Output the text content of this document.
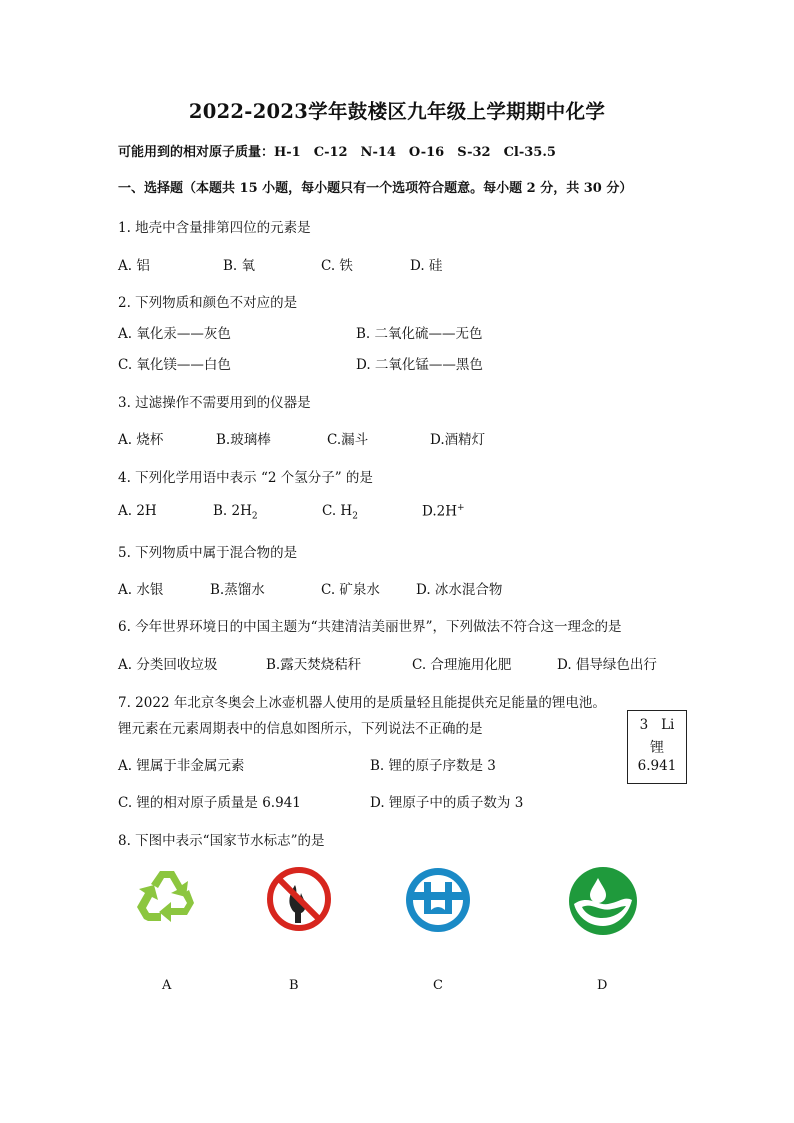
2022-2023学年鼓楼区九年级上学期期中化学
可能用到的相对原子质量：H-1　C-12　N-14　O-16　S-32　Cl-35.5
一、选择题（本题共 15 小题，每小题只有一个选项符合题意。每小题 2 分，共 30 分）
1. 地壳中含量排第四位的元素是
A. 铝	B. 氧	C. 铁	D. 硅
2. 下列物质和颜色不对应的是
A. 氧化汞——灰色	B. 二氧化硫——无色
C. 氧化镁——白色	D. 二氧化锰——黑色
3. 过滤操作不需要用到的仪器是
A. 烧杯	B.玻璃棒	C.漏斗	D.酒精灯
4. 下列化学用语中表示 “2 个氢分子” 的是
A. 2H	B. $2H_2$	C. $H_2$	D.2H+
5. 下列物质中属于混合物的是
A. 水银	B.蒸馏水	C. 矿泉水	D. 冰水混合物
6. 今年世界环境日的中国主题为“共建清洁美丽世界”，下列做法不符合这一理念的是
A. 分类回收垃圾	B.露天焚烧秸秆	C. 合理施用化肥	D. 倡导绿色出行
7. 2022 年北京冬奥会上冰壶机器人使用的是质量轻且能提供充足能量的锂电池。
锂元素在元素周期表中的信息如图所示，下列说法不正确的是	3 Li
锂
6.941
A. 锂属于非金属元素	B. 锂的原子序数是 3
C. 锂的相对原子质量是 6.941	D. 锂原子中的质子数为 3
8. 下图中表示“国家节水标志”的是
A	B	C	D
